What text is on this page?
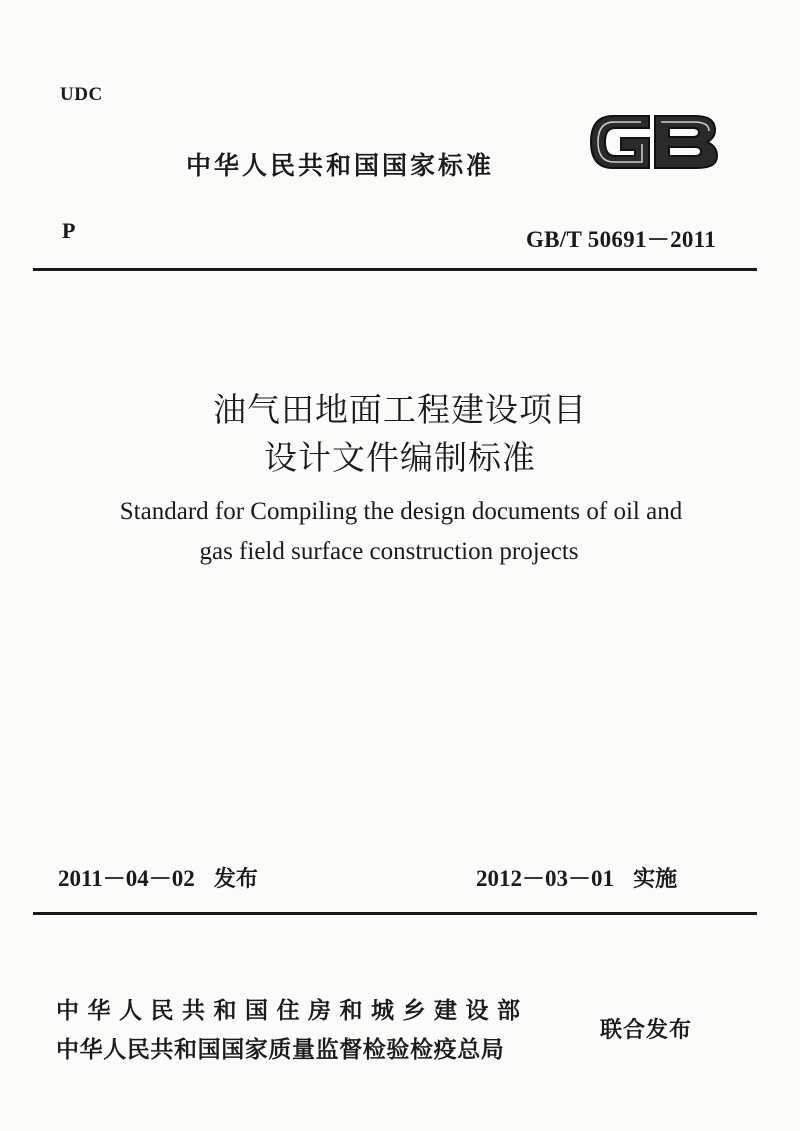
UDC
中华人民共和国国家标准
P	GB/T 50691－2011
油气田地面工程建设项目
设计文件编制标准
Standard for Compiling the design documents of oil and
gas field surface construction projects
2011－04－02 发布	2012－03－01 实施
中华人民共和国住房和城乡建设部
中华人民共和国国家质量监督检验检疫总局
联合发布
